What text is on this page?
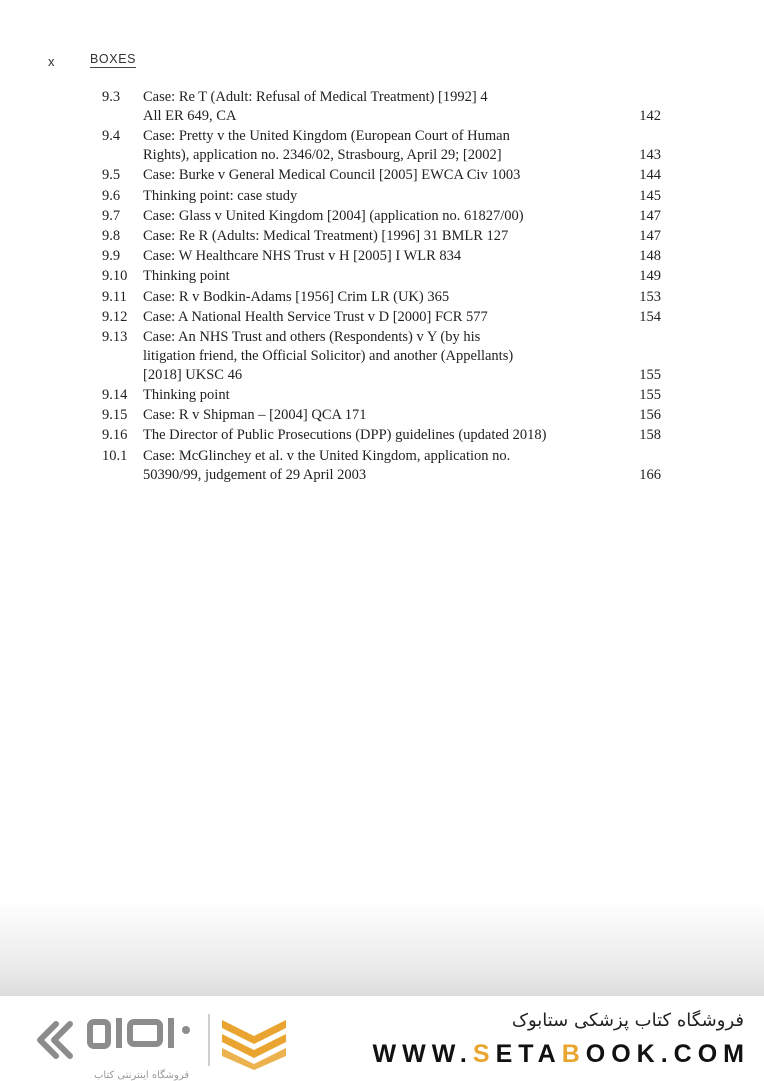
x	BOXES
9.3 Case: Re T (Adult: Refusal of Medical Treatment) [1992] 4
All ER 649, CA	142
9.4 Case: Pretty v the United Kingdom (European Court of Human
Rights), application no. 2346/02, Strasbourg, April 29; [2002]	143
9.5 Case: Burke v General Medical Council [2005] EWCA Civ 1003	144
9.6 Thinking point: case study	145
9.7 Case: Glass v United Kingdom [2004] (application no. 61827/00)	147
9.8 Case: Re R (Adults: Medical Treatment) [1996] 31 BMLR 127	147
9.9 Case: W Healthcare NHS Trust v H [2005] I WLR 834	148
9.10 Thinking point	149
9.11 Case: R v Bodkin-Adams [1956] Crim LR (UK) 365	153
9.12 Case: A National Health Service Trust v D [2000] FCR 577	154
9.13 Case: An NHS Trust and others (Respondents) v Y (by his
litigation friend, the Official Solicitor) and another (Appellants)
[2018] UKSC 46	155
9.14 Thinking point	155
9.15 Case: R v Shipman – [2004] QCA 171	156
9.16 The Director of Public Prosecutions (DPP) guidelines (updated 2018)	158
10.1 Case: McGlinchey et al. v the United Kingdom, application no.
50390/99, judgement of 29 April 2003	166
فروشگاه اینترنتی کتاب
فروشگاه کتاب پزشکی ستابوک
WWW.SETABOOK.COM
